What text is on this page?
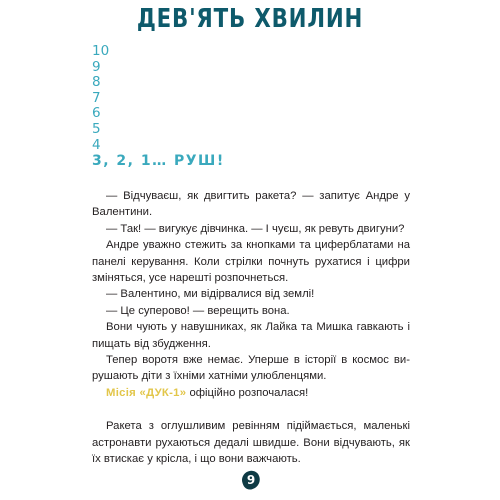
ДЕВ'ЯТЬ ХВИЛИН
10
9
8
7
6
5
4
3, 2, 1… РУШ!

— Відчуваєш, як двигтить ракета? — запитує Андре у Валентини.

— Так! — вигукує дівчинка. — І чуєш, як ревуть двигуни?

Андре уважно стежить за кнопками та циферблатами на панелі керування. Коли стрілки почнуть рухатися і цифри зміняться, усе нарешті розпочнеться.

— Валентино, ми відірвалися від землі!

— Це суперово! — верещить вона.

Вони чують у навушниках, як Лайка та Мишка гавкають і пищать від збудження.

Тепер воротя вже немає. Уперше в історії в космос вирушають діти з їхніми хатніми улюбленцями.

Місія «ДУК-1» офіційно розпочалася!

Ракета з оглушливим ревінням підіймається, маленькі астронавти рухаються дедалі швидше. Вони відчувають, як їх втискає у крісла, і що вони важчають.

9
